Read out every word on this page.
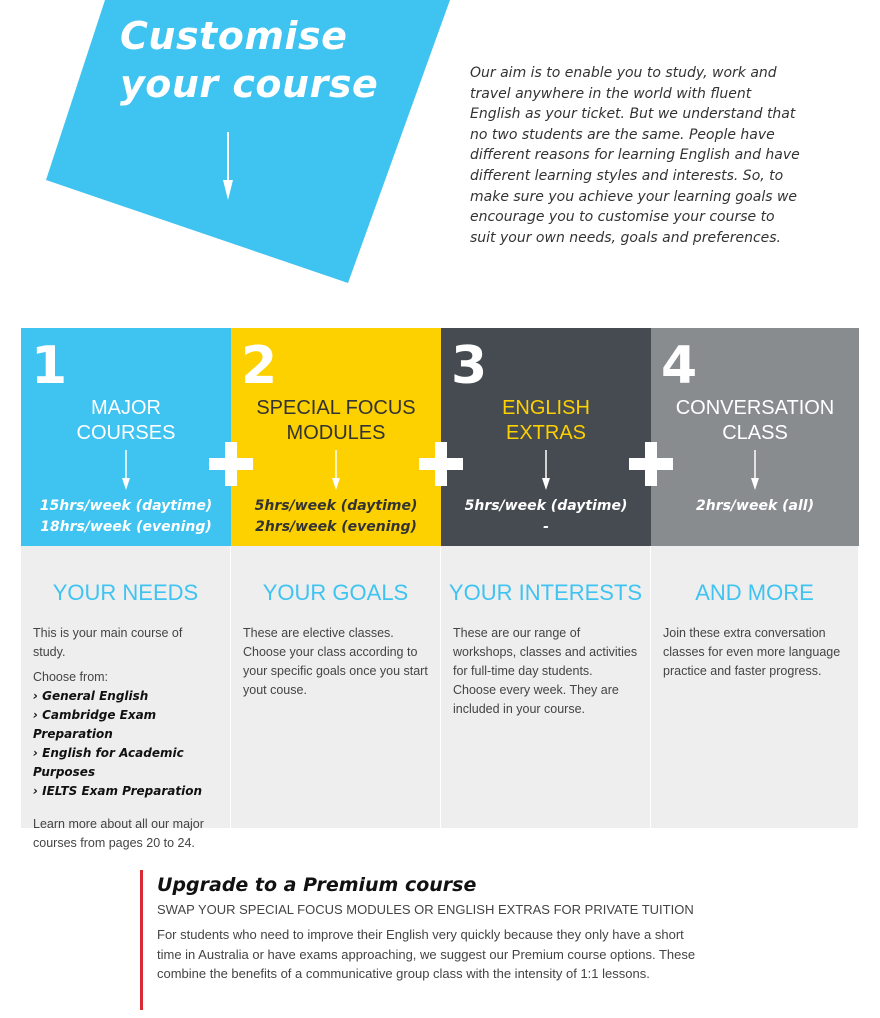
Customise
your course	Our aim is to enable you to study, work and travel anywhere in the world with fluent English as your ticket. But we understand that no two students are the same. People have different reasons for learning English and have different learning styles and interests. So, to make sure you achieve your learning goals we encourage you to customise your course to suit your own needs, goals and preferences.
1
MAJOR
COURSES
15hrs/week (daytime)
18hrs/week (evening)
YOUR NEEDS

This is your main course of study.

Choose from:
› General English
› Cambridge Exam Preparation
› English for Academic Purposes
› IELTS Exam Preparation

Learn more about all our major courses from pages 20 to 24.

2
SPECIAL FOCUS
MODULES
5hrs/week (daytime)
2hrs/week (evening)
YOUR GOALS

These are elective classes. Choose your class according to your specific goals once you start yout couse.

3
ENGLISH
EXTRAS
5hrs/week (daytime)
-
YOUR INTERESTS

These are our range of workshops, classes and activities for full-time day students. Choose every week. They are included in your course.

4
CONVERSATION
CLASS
2hrs/week (all)
AND MORE

Join these extra conversation classes for even more language practice and faster progress.

Upgrade to a Premium course
SWAP YOUR SPECIAL FOCUS MODULES OR ENGLISH EXTRAS FOR PRIVATE TUITION
For students who need to improve their English very quickly because they only have a short time in Australia or have exams approaching, we suggest our Premium course options. These combine the benefits of a communicative group class with the intensity of 1:1 lessons.
